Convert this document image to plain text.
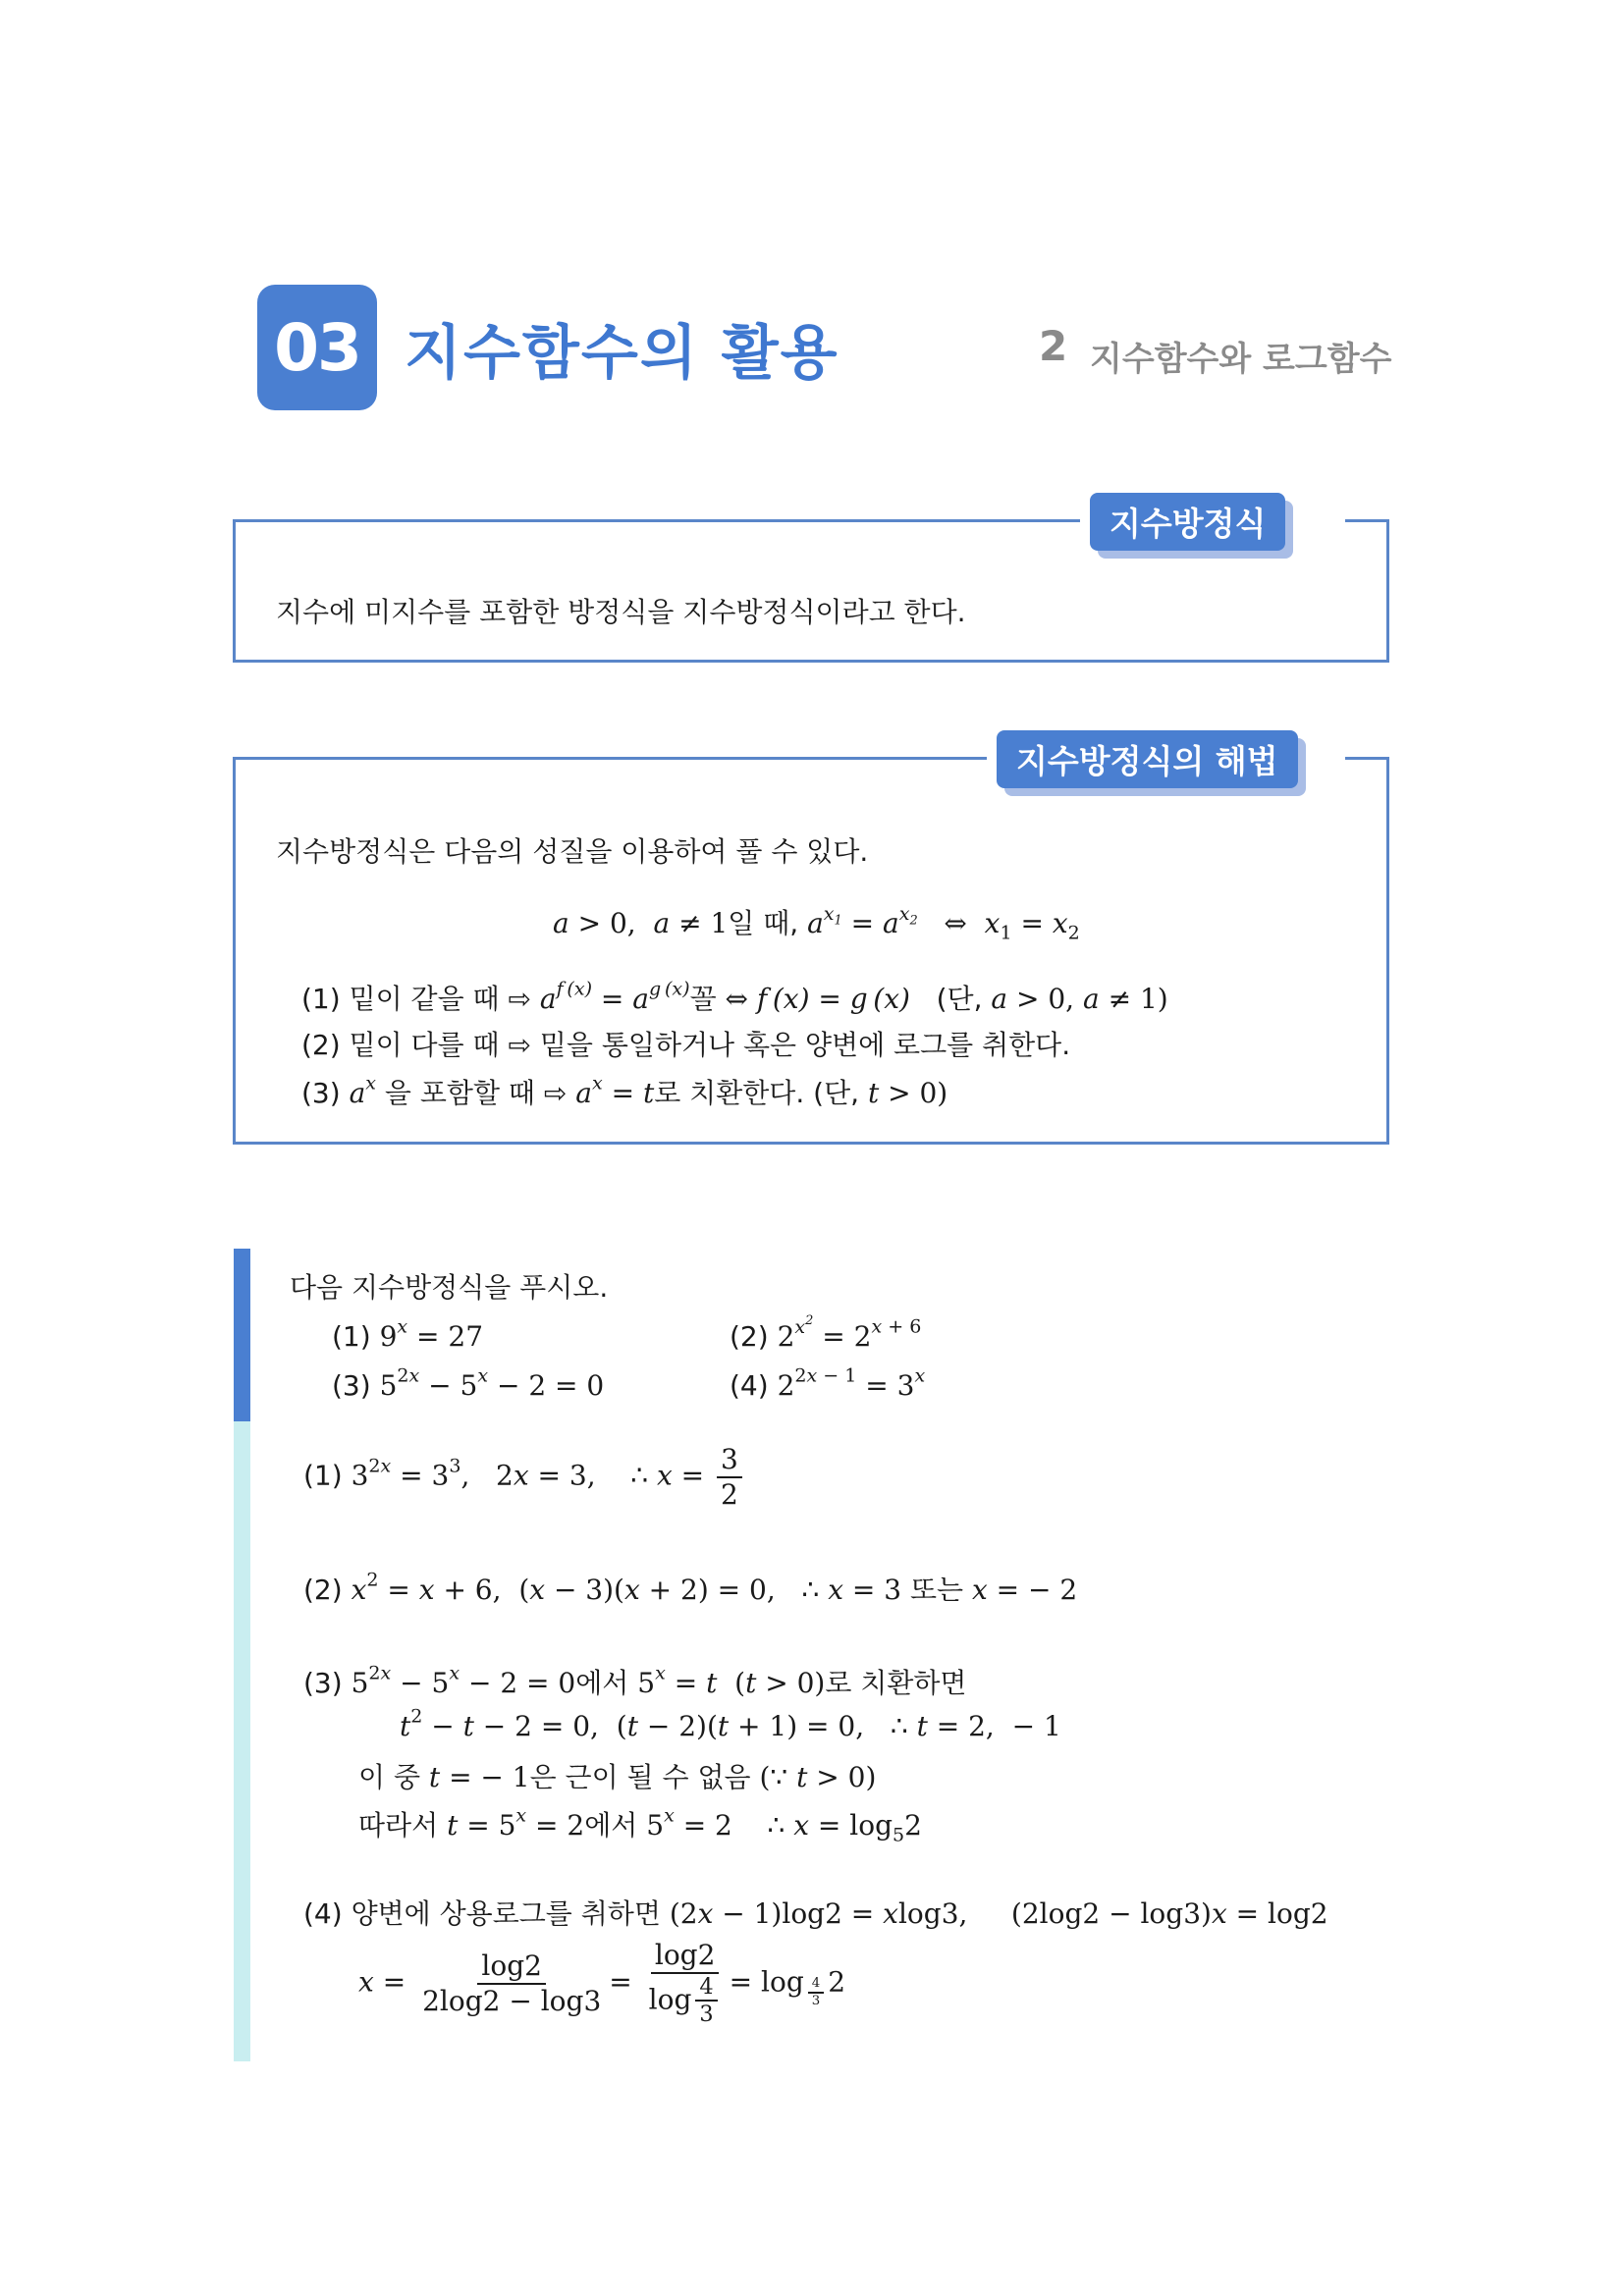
03 지수함수의 활용	2 지수함수와 로그함수
지수방정식
지수에 미지수를 포함한 방정식을 지수방정식이라고 한다.
지수방정식의 해법
지수방정식은 다음의 성질을 이용하여 풀 수 있다.
a > 0,  a ≠ 1일 때, $a^{x_1} = a^{x_2}$   ⇔  $x_1 = x_2$
(1) 밑이 같을 때 ⇨ $a^{f (x)} = a^{g (x)}$꼴 ⇔ f (x) = g (x) (단, a > 0, a ≠ 1)
(2) 밑이 다를 때 ⇨ 밑을 통일하거나 혹은 양변에 로그를 취한다.
(3) $a^x$ 을 포함할 때 ⇨ $a^x = t$로 치환한다. (단, t > 0)
다음 지수방정식을 푸시오.
(1) $9^x = 27$	(2) $2^{x^2} = 2^{x + 6}$
(3) $5^{2x} - 5^x - 2 = 0$	(4) $2^{2x - 1} = 3^x$
(1) $3^{2x} = 3^3$,   2x = 3,    ∴ $x = \frac{3}{2}$
(2) $x^2 = x + 6$,  (x − 3)(x + 2) = 0,   ∴ x = 3 또는 x = − 2
(3) $5^{2x} - 5^x - 2 = 0$에서 $5^x = t$ (t > 0)로 치환하면
$t^2 - t - 2 = 0$,  (t − 2)(t + 1) = 0,   ∴ t = 2,  − 1
이 중 t = − 1은 근이 될 수 없음 (∵ t > 0)
따라서 $t = 5^x = 2$에서 $5^x = 2$    ∴ $x = \log_52$
(4) 양변에 상용로그를 취하면 (2x − 1)log2 = xlog3,     (2log2 − log3)x = log2
$x = \frac{\log 2}{2\log 2 - \log 3} = \frac{\log 2}{\log \frac{4}{3}} = \log _{\frac{4}{3}}$ 2
